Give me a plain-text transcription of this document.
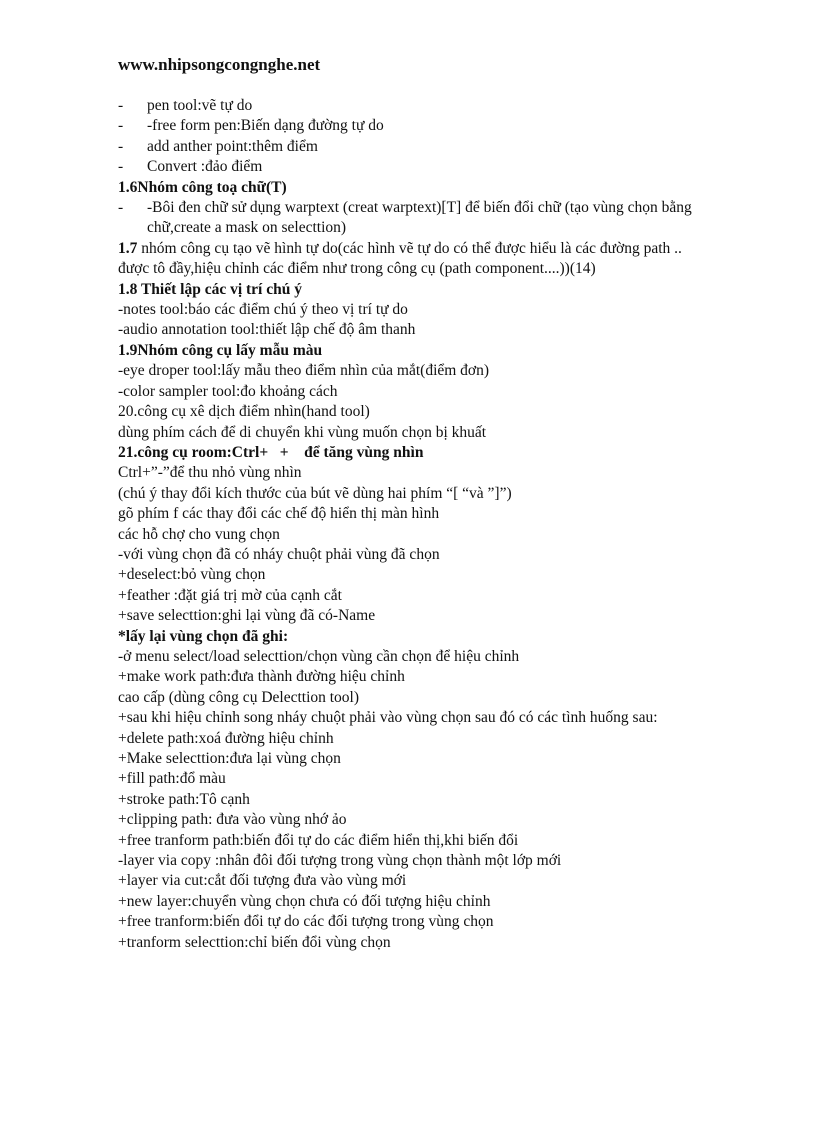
www.nhipsongcongnghe.net
-	pen tool:vẽ tự do
-	-free form pen:Biến dạng đường tự do
-	add anther point:thêm điểm
-	Convert :đảo điểm
1.6Nhóm công toạ chữ(T)
-	-Bôi đen chữ sử dụng warptext (creat warptext)[T] để biến đổi chữ (tạo vùng chọn bằng chữ,create a mask on selecttion)
1.7 nhóm công cụ tạo vẽ hình tự do(các hình vẽ tự do có thể được hiểu là các đường path .. được tô đầy,hiệu chỉnh các điểm như trong công cụ (path component....))(14)
1.8 Thiết lập các vị trí chú ý
-notes tool:báo các điểm chú ý theo vị trí tự do
-audio annotation tool:thiết lập chế độ âm thanh
1.9Nhóm công cụ lấy mẫu màu
-eye droper tool:lấy mẫu theo điểm nhìn của mắt(điểm đơn)
-color sampler tool:đo khoảng cách
20.công cụ xê dịch điểm nhìn(hand tool)
dùng phím cách để di chuyển khi vùng muốn chọn bị khuất
21.công cụ room:Ctrl+   +    để tăng vùng nhìn
Ctrl+”-”để thu nhỏ vùng nhìn
(chú ý thay đổi kích thước của bút vẽ dùng hai phím “[ “và ”]”)
gõ phím f các thay đổi các chế độ hiển thị màn hình
các hỗ chợ cho vung chọn
-với vùng chọn đã có nháy chuột phải vùng đã chọn
+deselect:bỏ vùng chọn
+feather :đặt giá trị mờ của cạnh cắt
+save selecttion:ghi lại vùng đã có-Name
*lấy lại vùng chọn đã ghi:
-ở menu select/load selecttion/chọn vùng cần chọn để hiệu chỉnh
+make work path:đưa thành đường hiệu chỉnh
cao cấp (dùng công cụ Delecttion tool)
+sau khi hiệu chỉnh song nháy chuột phải vào vùng chọn sau đó có các tình huống sau:
+delete path:xoá đường hiệu chỉnh
+Make selecttion:đưa lại vùng chọn
+fill path:đổ màu
+stroke path:Tô cạnh
+clipping path: đưa vào vùng nhớ ảo
+free tranform path:biến đổi tự do các điểm hiển thị,khi biến đổi
-layer via copy :nhân đôi đối tượng trong vùng chọn thành một lớp mới
+layer via cut:cắt đối tượng đưa vào vùng mới
+new layer:chuyển vùng chọn chưa có đối tượng hiệu chỉnh
+free tranform:biến đổi tự do các đối tượng trong vùng chọn
+tranform selecttion:chỉ biến đổi vùng chọn
